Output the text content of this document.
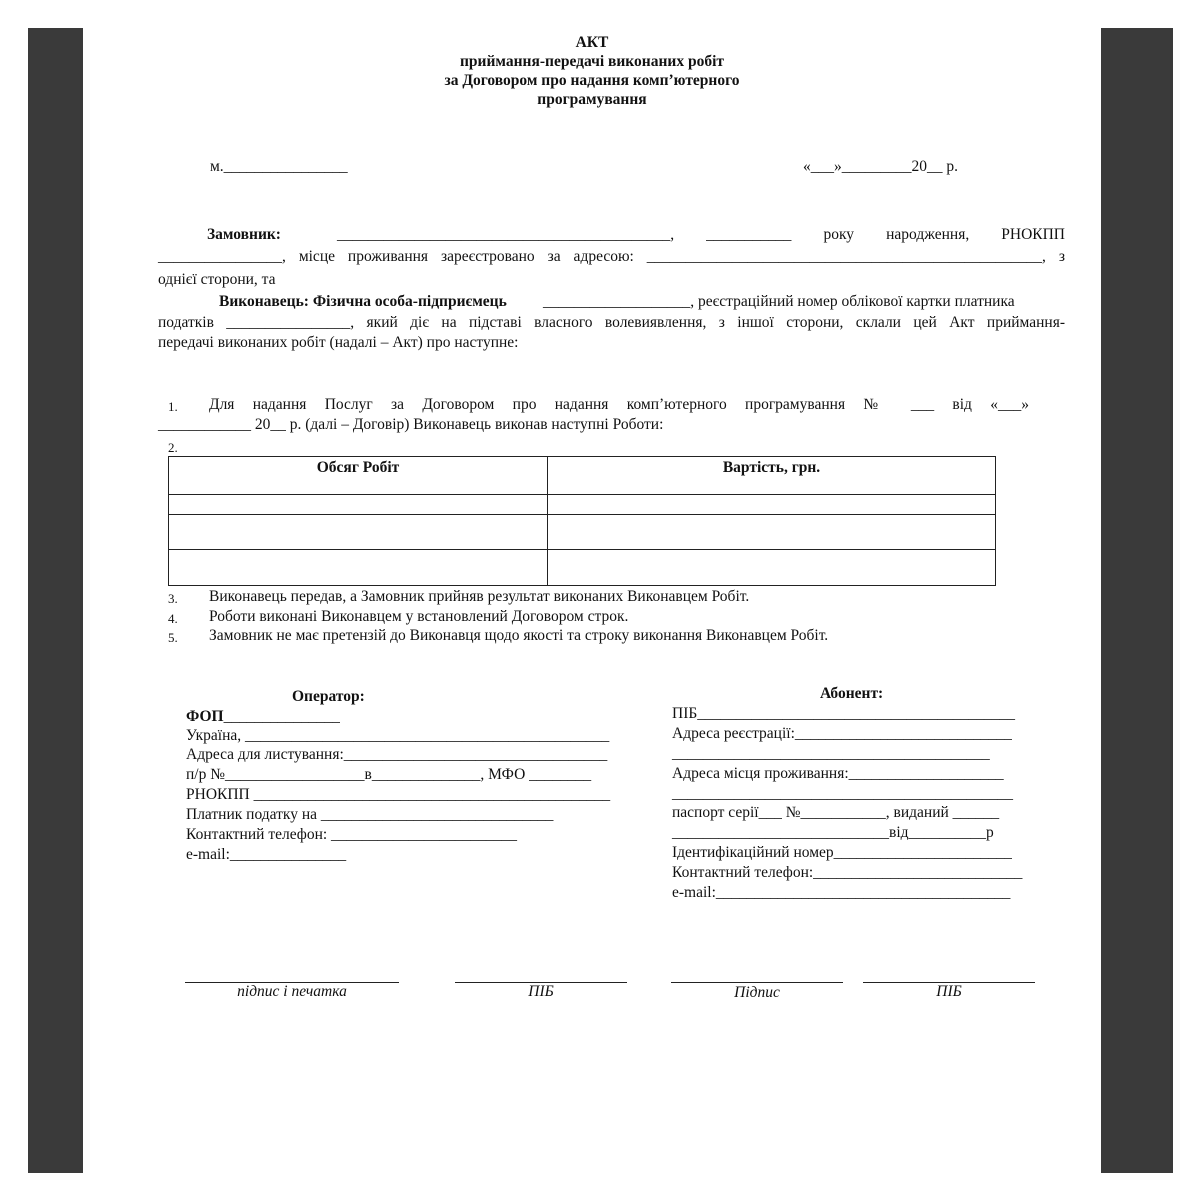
АКТ
приймання-передачі виконаних робіт
за Договором про надання комп’ютерного
програмування
м.________________	«___»_________20__ р.
Замовник:	___________________________________________, ___________ року народження, РНОКПП
________________, місце проживання зареєстровано за адресою: ___________________________________________________, з
однієї сторони, та
Виконавець: Фізична особа-підприємець ___________________, реєстраційний номер облікової картки платника
податків ________________, який діє на підставі власного волевиявлення, з іншої сторони, склали цей Акт приймання-
передачі виконаних робіт (надалі – Акт) про наступне:
1. Для надання Послуг за Договором про надання комп’ютерного програмування № ___ від «___»
____________ 20__ р. (далі – Договір) Виконавець виконав наступні Роботи:
2.
Обсяг Робіт	Вартість, грн.

3. Виконавець передав, а Замовник прийняв результат виконаних Виконавцем Робіт.
4. Роботи виконані Виконавцем у встановлений Договором строк.
5. Замовник не має претензій до Виконавця щодо якості та строку виконання Виконавцем Робіт.
Оператор:
ФОП_______________
Україна, _______________________________________________
Адреса для листування:__________________________________
п/р №__________________в______________, МФО ________
РНОКПП ______________________________________________
Платник податку на ______________________________
Контактний телефон: ________________________
e-mail:_______________
Абонент:
ПІБ_________________________________________
Адреса реєстрації:____________________________
_________________________________________
Адреса місця проживання:____________________
____________________________________________
паспорт серії___ №___________, виданий ______
____________________________від__________р
Ідентифікаційний номер_______________________
Контактний телефон:___________________________
e-mail:______________________________________
підпис і печатка	ПІБ	Підпис	ПІБ
